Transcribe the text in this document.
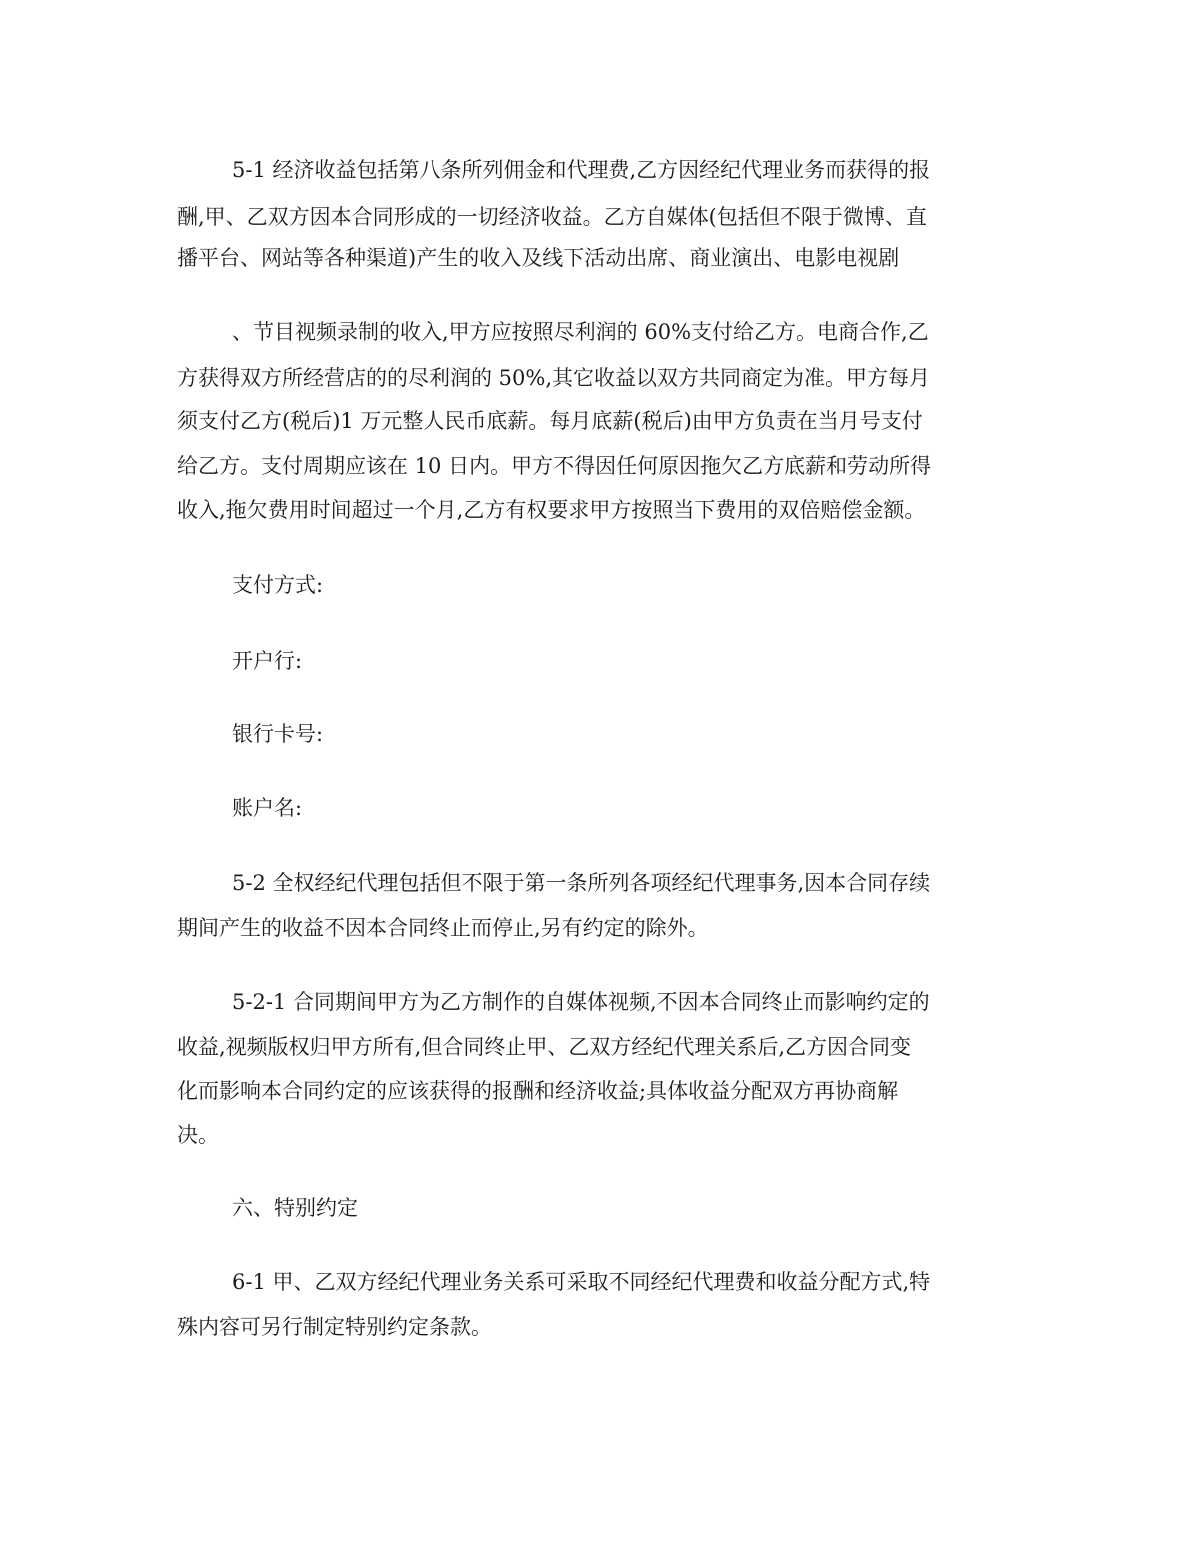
5-1 经济收益包括第八条所列佣金和代理费,乙方因经纪代理业务而获得的报
酬,甲、乙双方因本合同形成的一切经济收益。乙方自媒体(包括但不限于微博、直
播平台、网站等各种渠道)产生的收入及线下活动出席、商业演出、电影电视剧
、节目视频录制的收入,甲方应按照尽利润的 60%支付给乙方。电商合作,乙
方获得双方所经营店的的尽利润的 50%,其它收益以双方共同商定为准。甲方每月
须支付乙方(税后)1 万元整人民币底薪。每月底薪(税后)由甲方负责在当月号支付
给乙方。支付周期应该在 10 日内。甲方不得因任何原因拖欠乙方底薪和劳动所得
收入,拖欠费用时间超过一个月,乙方有权要求甲方按照当下费用的双倍赔偿金额。
支付方式:
开户行:
银行卡号:
账户名:
5-2 全权经纪代理包括但不限于第一条所列各项经纪代理事务,因本合同存续
期间产生的收益不因本合同终止而停止,另有约定的除外。
5-2-1 合同期间甲方为乙方制作的自媒体视频,不因本合同终止而影响约定的
收益,视频版权归甲方所有,但合同终止甲、乙双方经纪代理关系后,乙方因合同变
化而影响本合同约定的应该获得的报酬和经济收益;具体收益分配双方再协商解
决。
六、特别约定
6-1 甲、乙双方经纪代理业务关系可采取不同经纪代理费和收益分配方式,特
殊内容可另行制定特别约定条款。
